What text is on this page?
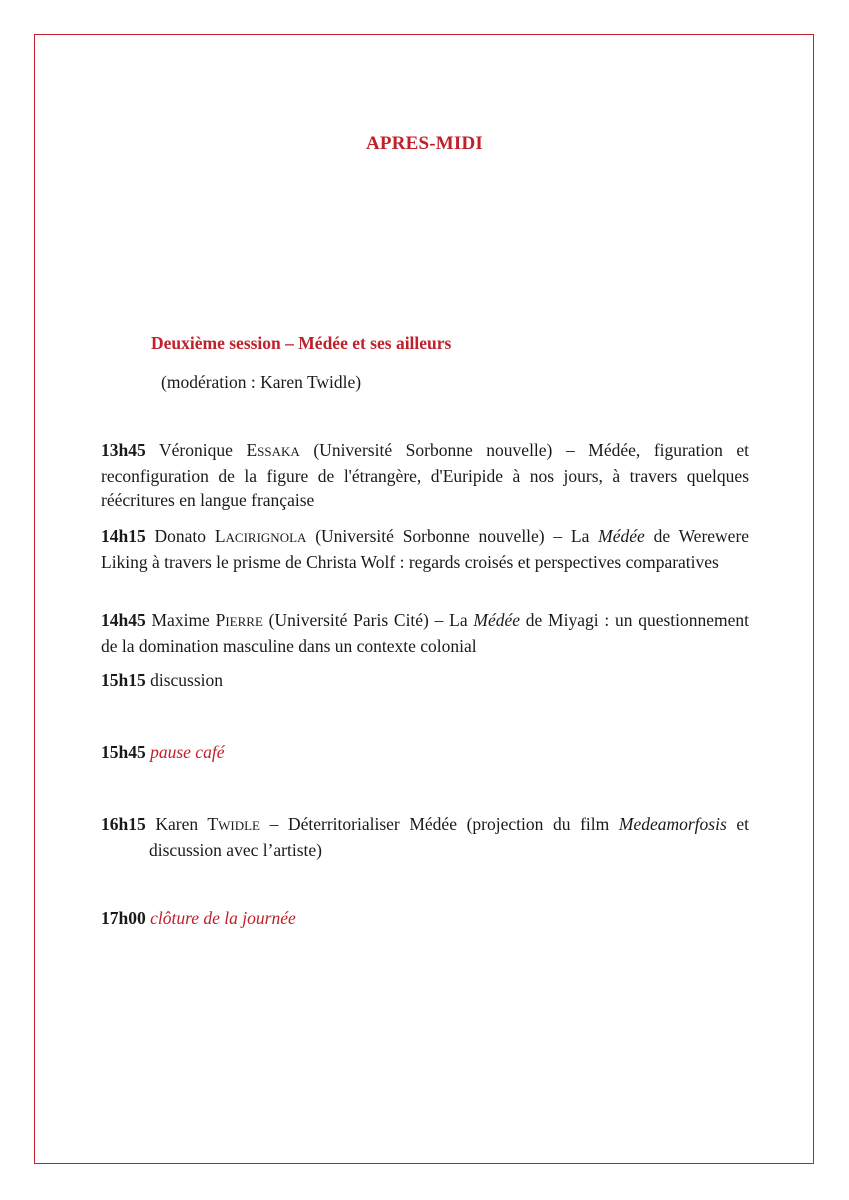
APRES-MIDI
Deuxième session – Médée et ses ailleurs
(modération : Karen Twidle)
13h45 Véronique ESSAKA (Université Sorbonne nouvelle) – Médée, figuration et reconfiguration de la figure de l'étrangère, d'Euripide à nos jours, à travers quelques réécritures en langue française
14h15 Donato LACIRIGNOLA (Université Sorbonne nouvelle) – La Médée de Werewere Liking à travers le prisme de Christa Wolf : regards croisés et perspectives comparatives
14h45 Maxime PIERRE (Université Paris Cité) – La Médée de Miyagi : un questionnement de la domination masculine dans un contexte colonial
15h15 discussion
15h45 pause café
16h15 Karen TWIDLE – Déterritorialiser Médée (projection du film Medeamorfosis et discussion avec l’artiste)
17h00 clôture de la journée
